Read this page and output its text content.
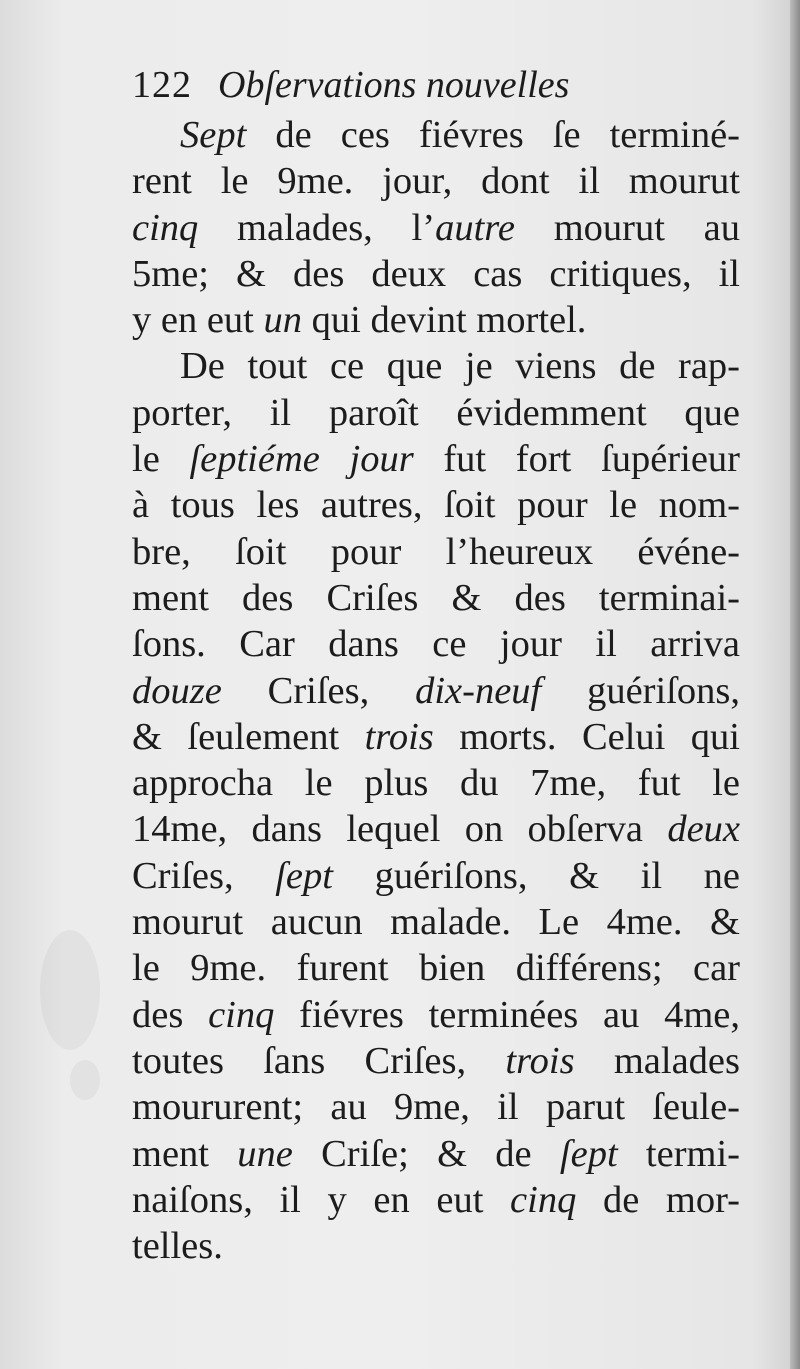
122 Obſervations nouvelles
Sept de ces fiévres ſe terminé-
rent le 9me. jour, dont il mourut
cinq malades, l’autre mourut au
5me; & des deux cas critiques, il
y en eut un qui devint mortel.
De tout ce que je viens de rap-
porter, il paroît évidemment que
le ſeptiéme jour fut fort ſupérieur
à tous les autres, ſoit pour le nom-
bre, ſoit pour l’heureux événe-
ment des Criſes & des terminai-
ſons. Car dans ce jour il arriva
douze Criſes, dix-neuf guériſons,
& ſeulement trois morts. Celui qui
approcha le plus du 7me, fut le
14me, dans lequel on obſerva deux
Criſes, ſept guériſons, & il ne
mourut aucun malade. Le 4me. &
le 9me. furent bien différens; car
des cinq fiévres terminées au 4me,
toutes ſans Criſes, trois malades
moururent; au 9me, il parut ſeule-
ment une Criſe; & de ſept termi-
naiſons, il y en eut cinq de mor-
telles.
